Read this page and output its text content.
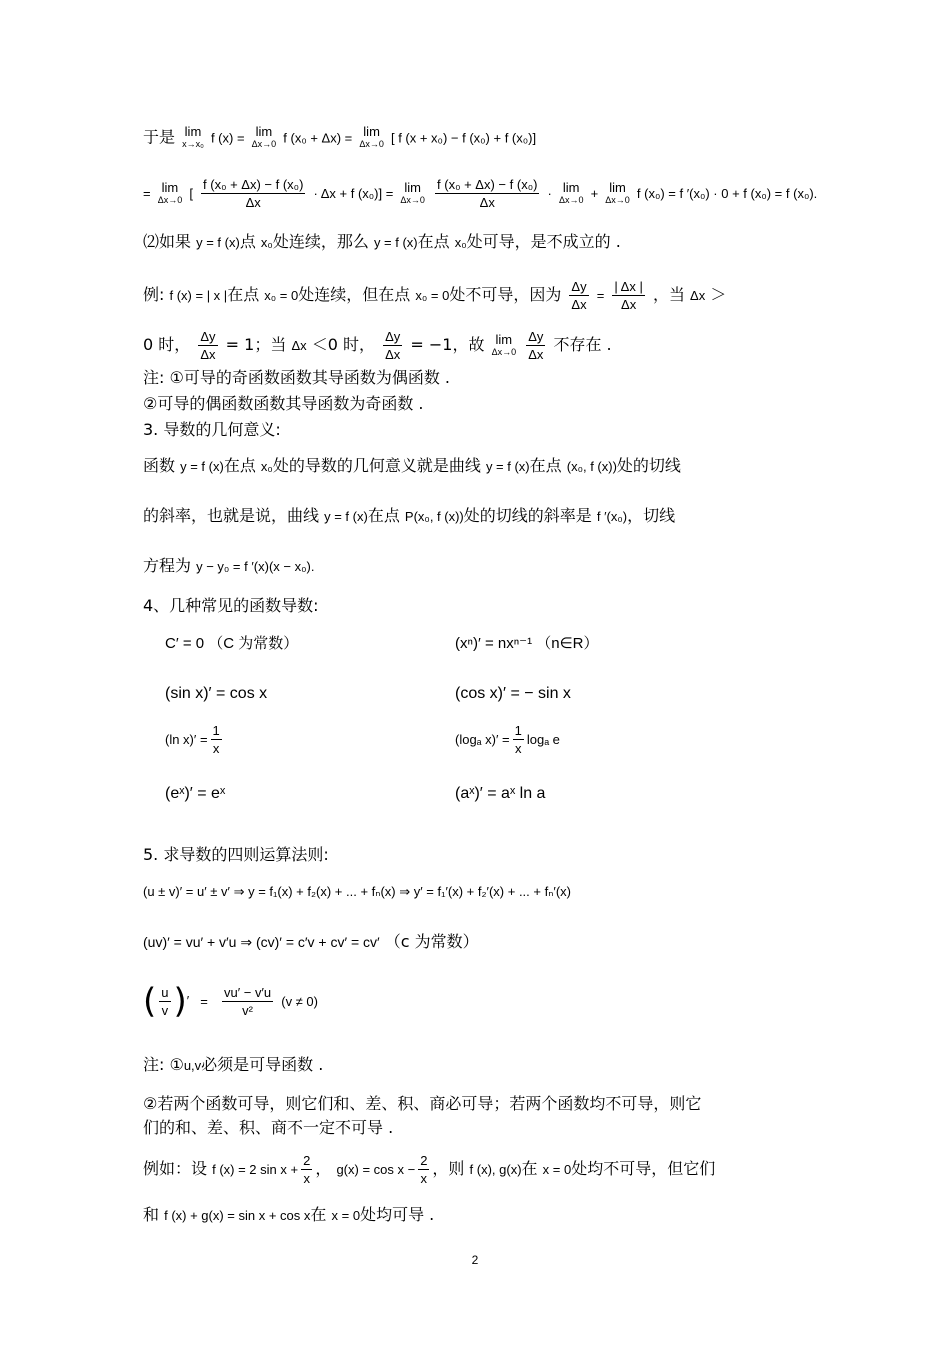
于是 lim
x→x₀ f (x) = lim
Δx→0 f (x₀ + Δx) = lim
Δx→0 [ f (x + x₀) − f (x₀) + f (x₀)]
= lim
Δx→0 [ $\frac{\text{f (x₀ + Δx) − f (x₀)}}{\Delta x} \cdot \Delta x + f$ (x₀)] = lim
Δx→0
$\frac{\text{f (x₀ + Δx) − f (x₀)}}{\Delta x} \cdot \lim$
Δx→0 + lim
Δx→0 f (x₀) = f ′(x₀) · 0 + f (x₀) = f (x₀).
⑵如果 y = f (x)点 x₀处连续，那么 y = f (x)在点 x₀处可导，是不成立的 .
例: f (x) = | x |在点 x₀ = 0处连续，但在点 x₀ = 0处不可导，因为 $\frac{\Delta y}{\Delta x} = \frac{| \Delta x |}{\Delta x}$ ，当 Δx ＞
0 时， $\frac{\Delta y}{\Delta x} = 1$；当 Δx ＜0 时， $\frac{\Delta y}{\Delta x} = -1$，故 lim
Δx→0
$\frac{\Delta y}{\Delta x}$ 不存在 .
注: ①可导的奇函数函数其导函数为偶函数 .
②可导的偶函数函数其导函数为奇函数 .
3. 导数的几何意义:
函数 y = f (x)在点 x₀处的导数的几何意义就是曲线 y = f (x)在点 (x₀, f (x))处的切线
的斜率，也就是说，曲线 y = f (x)在点 P(x₀, f (x))处的切线的斜率是 f ′(x₀)，切线
方程为 y − y₀ = f ′(x)(x − x₀).
4、几种常见的函数导数:
C′ = 0 （C 为常数）	(xⁿ)′ = nxⁿ⁻¹ （n∈R）
(sin x)′ = cos x	(cos x)′ = − sin x
(ln $x)' = \frac{1}{x}$	(logₐ $x)' = \frac{1}{x}$ logₐ e
(eˣ)′ = eˣ	(aˣ)′ = aˣ ln a
5. 求导数的四则运算法则:
(u ± v)′ = u′ ± v′ ⇒ y = f₁(x) + f₂(x) + ... + fₙ(x) ⇒ y′ = f₁′(x) + f₂′(x) + ... + fₙ′(x)
(uv)′ = vu′ + v′u ⇒ (cv)′ = c′v + cv′ = cv′ （c 为常数）
( $\frac{u}{v} )' = \frac{vu' - v'u}{\text{v²}} (v \ne 0)$
注: ①u,v必须是可导函数 .
②若两个函数可导，则它们和、差、积、商必可导；若两个函数均不可导，则它
们的和、差、积、商不一定不可导 .
例如：设 f (x) = 2 $\sin x + \frac{2}{x}$ ， $g(x) = \cos x - \frac{2}{x}$ ，则 f (x), g(x)在 x = 0处均不可导，但它们
和 f (x) + g(x) = sin x + cos x在 x = 0处均可导 .
2
